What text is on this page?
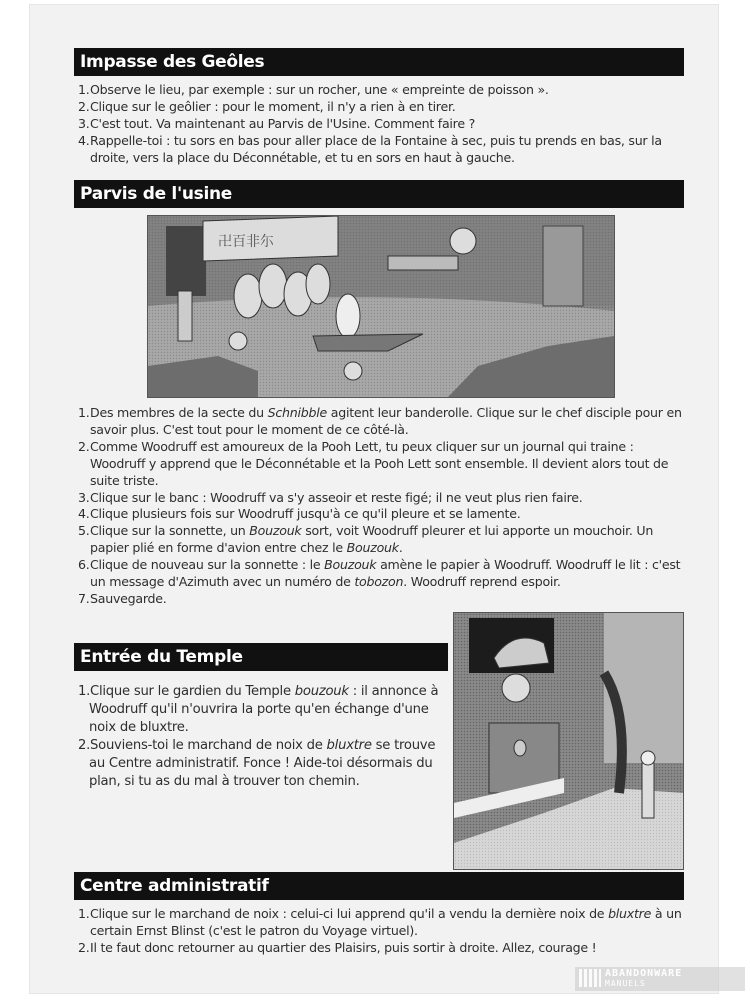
Impasse des Geôles
1.Observe le lieu, par exemple : sur un rocher, une « empreinte de poisson ».
2.Clique sur le geôlier : pour le moment, il n'y a rien à en tirer.
3.C'est tout. Va maintenant au Parvis de l'Usine. Comment faire ?
4.Rappelle-toi : tu sors en bas pour aller place de la Fontaine à sec, puis tu prends en bas, sur la droite, vers la place du Déconnétable, et tu en sors en haut à gauche.
Parvis de l'usine
卍百非尓
1.Des membres de la secte du Schnibble agitent leur banderolle. Clique sur le chef disciple pour en savoir plus. C'est tout pour le moment de ce côté-là.
2.Comme Woodruff est amoureux de la Pooh Lett, tu peux cliquer sur un journal qui traine : Woodruff y apprend que le Déconnétable et la Pooh Lett sont ensemble. Il devient alors tout de suite triste.
3.Clique sur le banc : Woodruff va s'y asseoir et reste figé; il ne veut plus rien faire.
4.Clique plusieurs fois sur Woodruff jusqu'à ce qu'il pleure et se lamente.
5.Clique sur la sonnette, un Bouzouk sort, voit Woodruff pleurer et lui apporte un mouchoir. Un papier plié en forme d'avion entre chez le Bouzouk.
6.Clique de nouveau sur la sonnette : le Bouzouk amène le papier à Woodruff. Woodruff le lit : c'est un message d'Azimuth avec un numéro de tobozon. Woodruff reprend espoir.
7.Sauvegarde.
Entrée du Temple
1.Clique sur le gardien du Temple bouzouk : il annonce à Woodruff qu'il n'ouvrira la porte qu'en échange d'une noix de bluxtre.
2.Souviens-toi le marchand de noix de bluxtre se trouve au Centre administratif. Fonce ! Aide-toi désormais du plan, si tu as du mal à trouver ton chemin.
Centre administratif
1.Clique sur le marchand de noix : celui-ci lui apprend qu'il a vendu la dernière noix de bluxtre à un certain Ernst Blinst (c'est le patron du Voyage virtuel).
2.Il te faut donc retourner au quartier des Plaisirs, puis sortir à droite. Allez, courage !
ABANDONWARE
MANUELS
